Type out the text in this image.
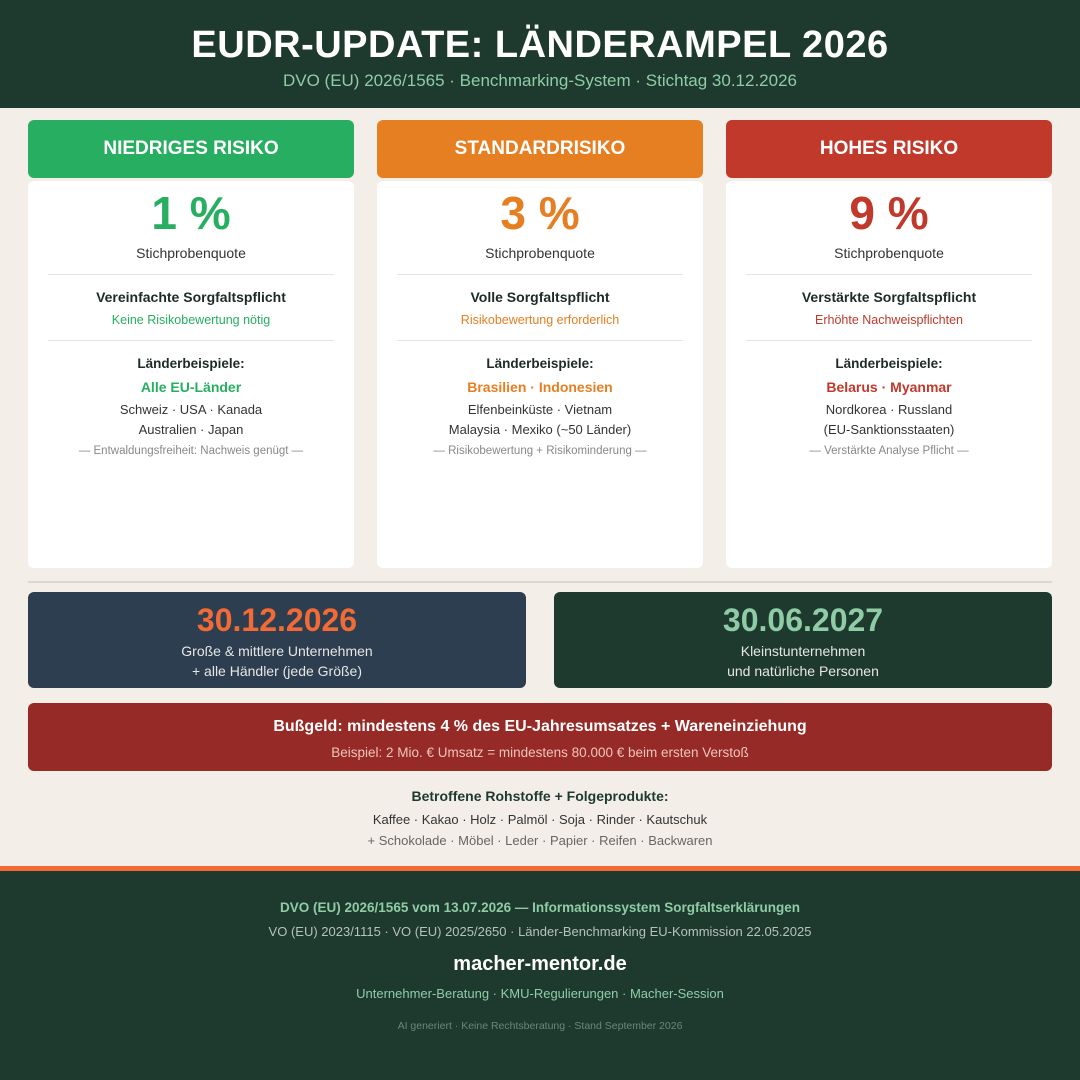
EUDR-UPDATE: LÄNDERAMPEL 2026
DVO (EU) 2026/1565 · Benchmarking-System · Stichtag 30.12.2026
NIEDRIGES RISIKO
1 %
Stichprobenquote
Vereinfachte Sorgfaltspflicht
Keine Risikobewertung nötig
Länderbeispiele:
Alle EU-Länder
Schweiz · USA · Kanada
Australien · Japan
— Entwaldungsfreiheit: Nachweis genügt —
STANDARDRISIKO
3 %
Stichprobenquote
Volle Sorgfaltspflicht
Risikobewertung erforderlich
Länderbeispiele:
Brasilien · Indonesien
Elfenbeinküste · Vietnam
Malaysia · Mexiko (~50 Länder)
— Risikobewertung + Risikominderung —
HOHES RISIKO
9 %
Stichprobenquote
Verstärkte Sorgfaltspflicht
Erhöhte Nachweispflichten
Länderbeispiele:
Belarus · Myanmar
Nordkorea · Russland
(EU-Sanktionsstaaten)
— Verstärkte Analyse Pflicht —
30.12.2026
Große & mittlere Unternehmen
+ alle Händler (jede Größe)
30.06.2027
Kleinstunternehmen
und natürliche Personen
Bußgeld: mindestens 4 % des EU-Jahresumsatzes + Wareneinziehung
Beispiel: 2 Mio. € Umsatz = mindestens 80.000 € beim ersten Verstoß
Betroffene Rohstoffe + Folgeprodukte:
Kaffee · Kakao · Holz · Palmöl · Soja · Rinder · Kautschuk
+ Schokolade · Möbel · Leder · Papier · Reifen · Backwaren
DVO (EU) 2026/1565 vom 13.07.2026 — Informationssystem Sorgfaltserklärungen
VO (EU) 2023/1115 · VO (EU) 2025/2650 · Länder-Benchmarking EU-Kommission 22.05.2025
macher-mentor.de
Unternehmer-Beratung · KMU-Regulierungen · Macher-Session
AI generiert · Keine Rechtsberatung · Stand September 2026
